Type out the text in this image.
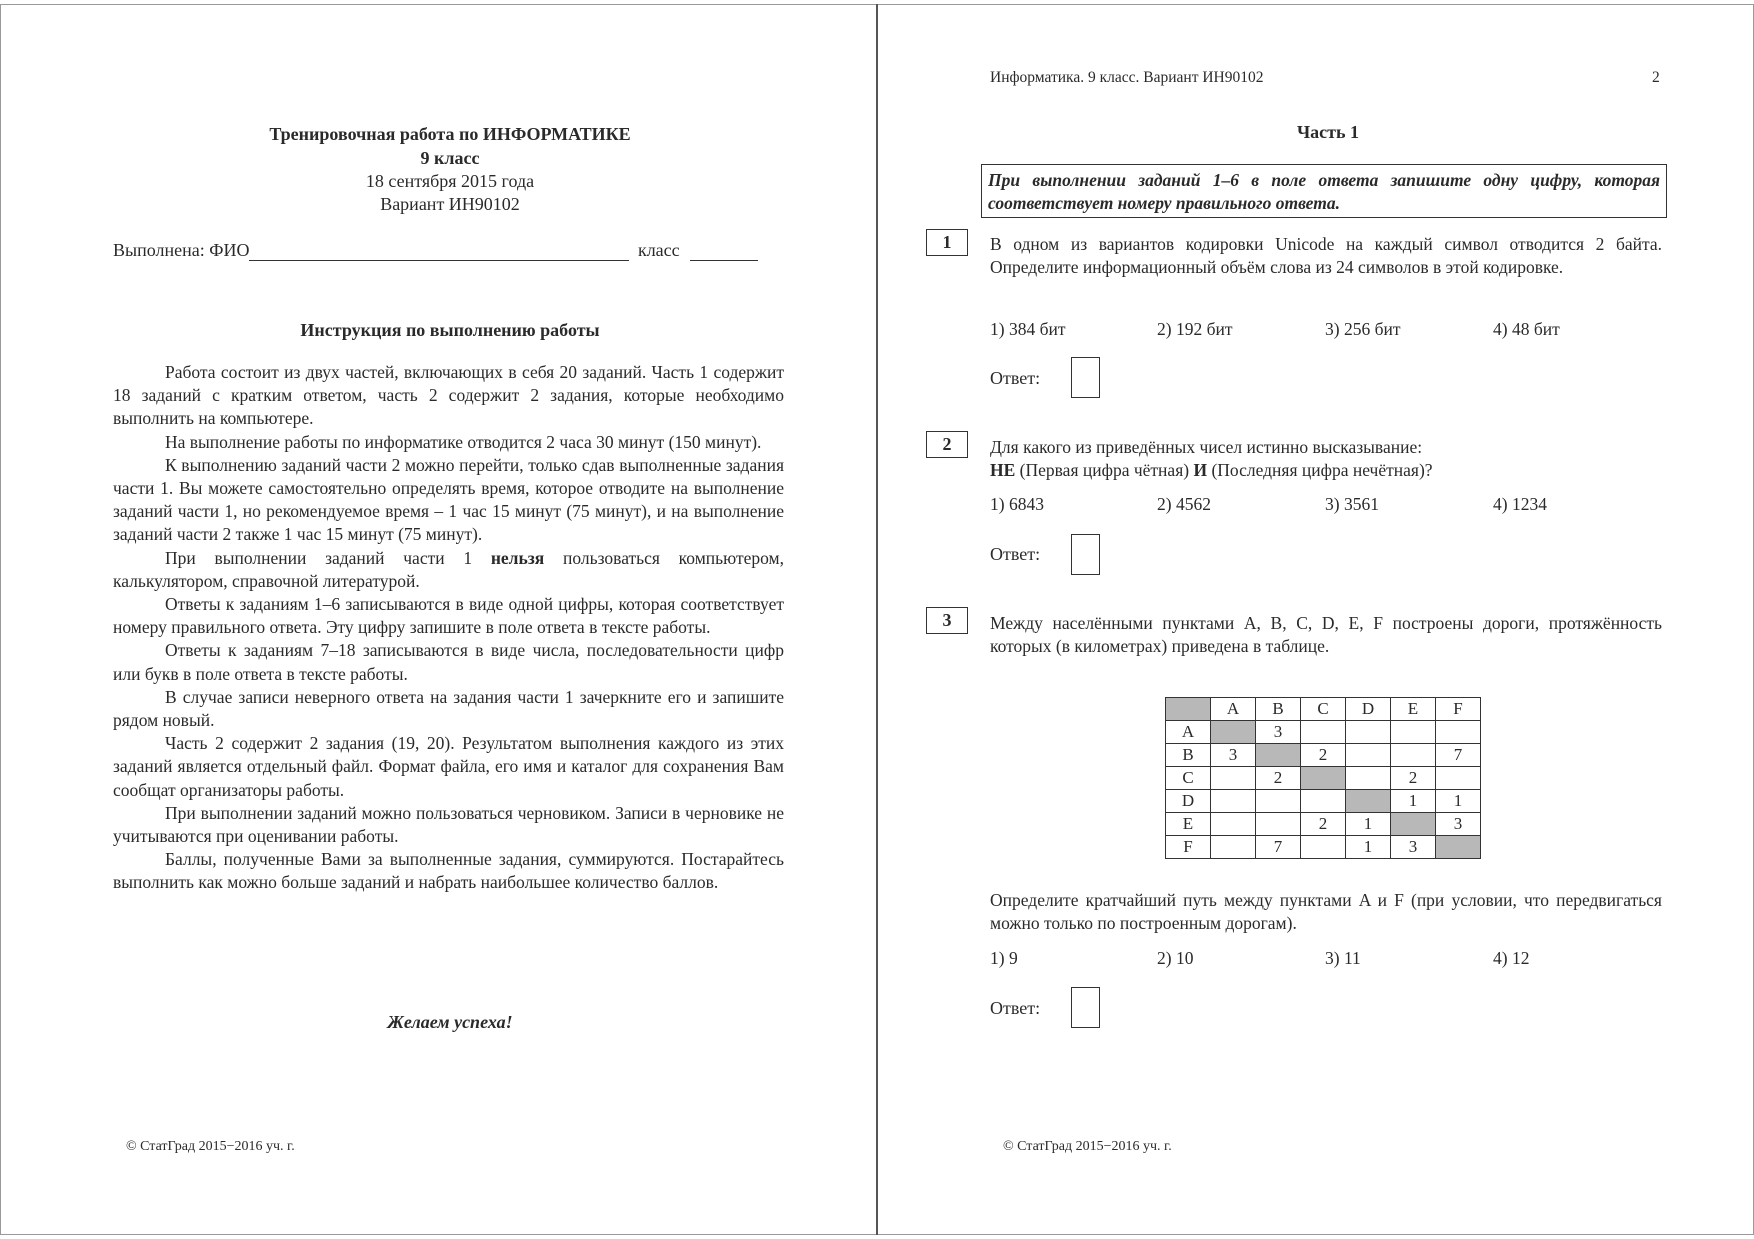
Тренировочная работа по ИНФОРМАТИКЕ
9 класс
18 сентября 2015 года
Вариант ИН90102
Выполнена: ФИО	класс
Инструкция по выполнению работы

Работа состоит из двух частей, включающих в себя 20 заданий. Часть 1 содержит 18 заданий с кратким ответом, часть 2 содержит 2 задания, которые необходимо выполнить на компьютере.

На выполнение работы по информатике отводится 2 часа 30 минут (150 минут).

К выполнению заданий части 2 можно перейти, только сдав выполненные задания части 1. Вы можете самостоятельно определять время, которое отводите на выполнение заданий части 1, но рекомендуемое время – 1 час 15 минут (75 минут), и на выполнение заданий части 2 также 1 час 15 минут (75 минут).

При выполнении заданий части 1 нельзя пользоваться компьютером, калькулятором, справочной литературой.

Ответы к заданиям 1–6 записываются в виде одной цифры, которая соответствует номеру правильного ответа. Эту цифру запишите в поле ответа в тексте работы.

Ответы к заданиям 7–18 записываются в виде числа, последовательности цифр или букв в поле ответа в тексте работы.

В случае записи неверного ответа на задания части 1 зачеркните его и запишите рядом новый.

Часть 2 содержит 2 задания (19, 20). Результатом выполнения каждого из этих заданий является отдельный файл. Формат файла, его имя и каталог для сохранения Вам сообщат организаторы работы.

При выполнении заданий можно пользоваться черновиком. Записи в черновике не учитываются при оценивании работы.

Баллы, полученные Вами за выполненные задания, суммируются. Постарайтесь выполнить как можно больше заданий и набрать наибольшее количество баллов.

Желаем успеха!
© СтатГрад 2015−2016 уч. г.
Информатика. 9 класс. Вариант ИН90102	2
Часть 1
При выполнении заданий 1–6 в поле ответа запишите одну цифру, которая соответствует номеру правильного ответа.
1	В одном из вариантов кодировки Unicode на каждый символ отводится 2 байта. Определите информационный объём слова из 24 символов в этой кодировке.
1) 384 бит	2) 192 бит	3) 256 бит	4) 48 бит
Ответ:
2	Для какого из приведённых чисел истинно высказывание:
НЕ (Первая цифра чётная) И (Последняя цифра нечётная)?
1) 6843	2) 4562	3) 3561	4) 1234
Ответ:
3	Между населёнными пунктами A, B, C, D, E, F построены дороги, протяжённость которых (в километрах) приведена в таблице.
	A	B	C	D	E	F
A		3				
B	3		2			7
C		2			2	
D					1	1
E			2	1		3
F		7		1	3	
Определите кратчайший путь между пунктами A и F (при условии, что передвигаться можно только по построенным дорогам).
1) 9	2) 10	3) 11	4) 12
Ответ:
© СтатГрад 2015−2016 уч. г.
